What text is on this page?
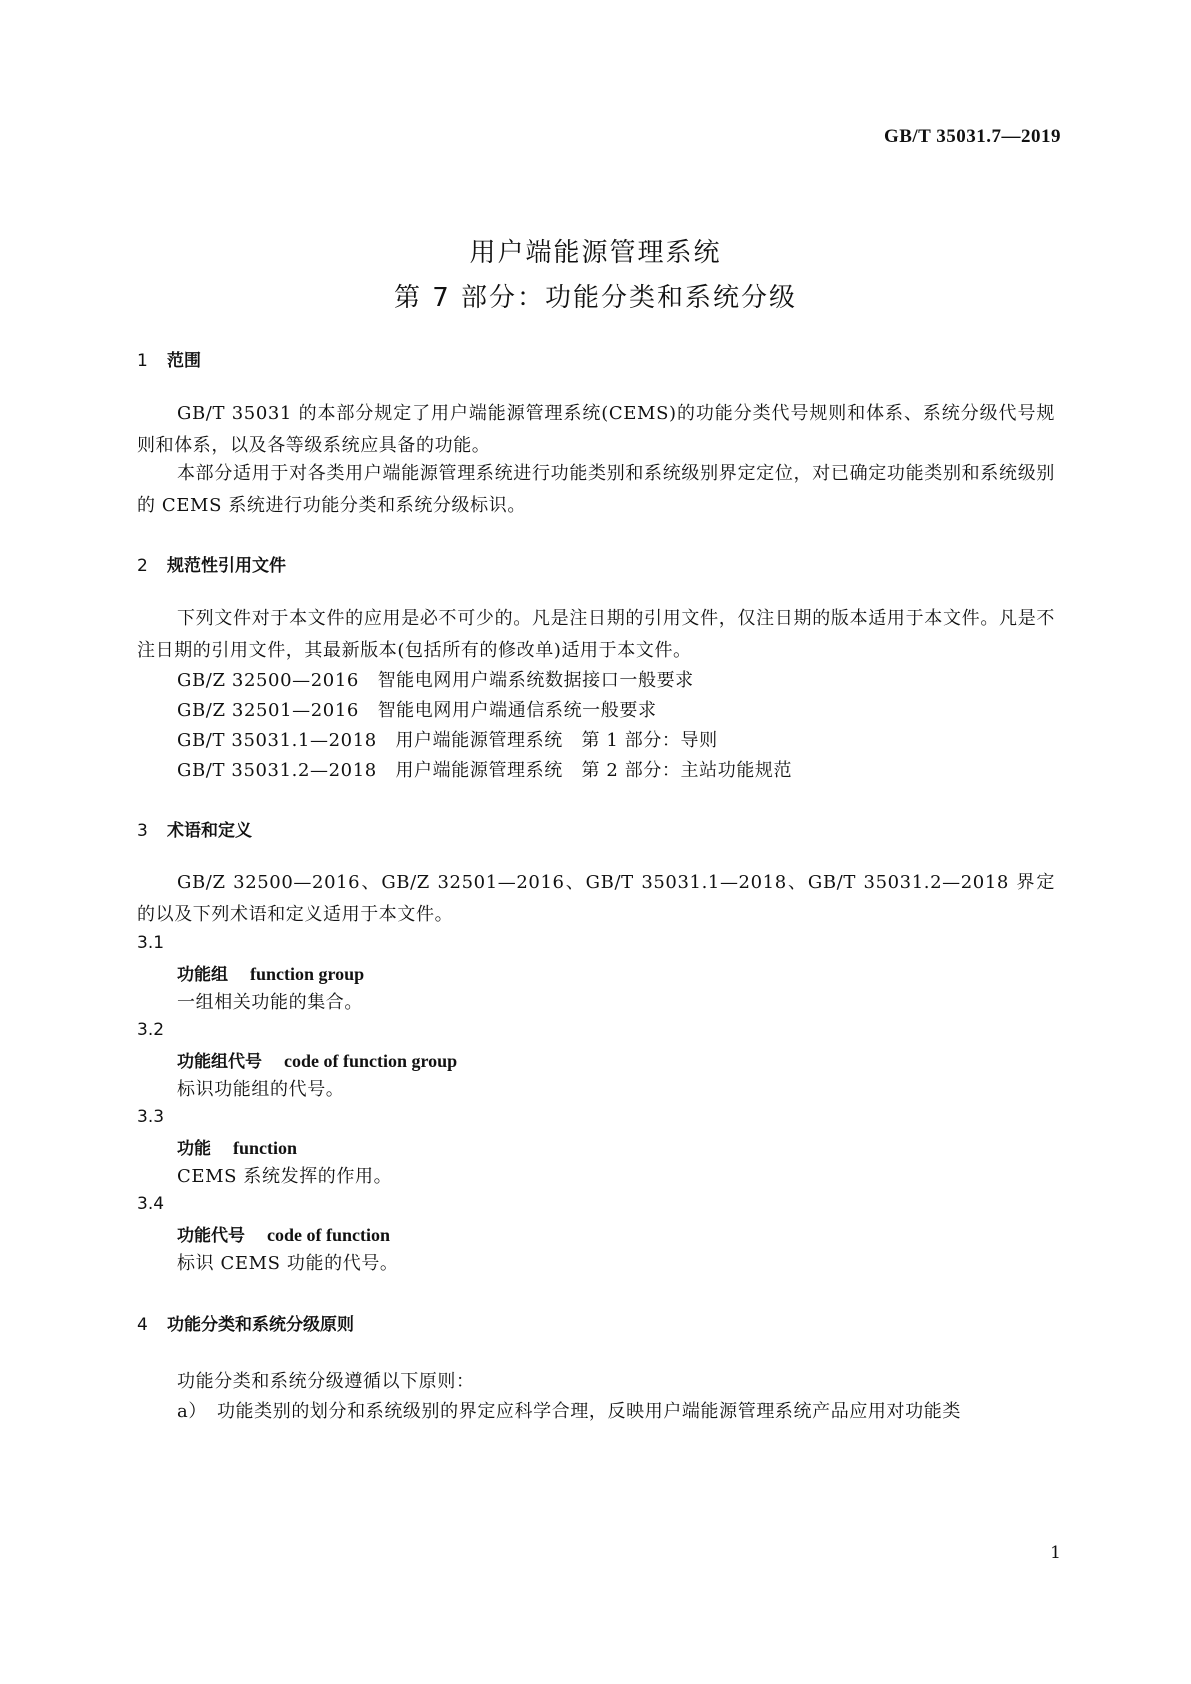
GB/T 35031.7—2019
用户端能源管理系统
第 7 部分：功能分类和系统分级
1 范围
GB/T 35031 的本部分规定了用户端能源管理系统(CEMS)的功能分类代号规则和体系、系统分级代号规则和体系，以及各等级系统应具备的功能。
本部分适用于对各类用户端能源管理系统进行功能类别和系统级别界定定位，对已确定功能类别和系统级别的 CEMS 系统进行功能分类和系统分级标识。
2 规范性引用文件
下列文件对于本文件的应用是必不可少的。凡是注日期的引用文件，仅注日期的版本适用于本文件。凡是不注日期的引用文件，其最新版本(包括所有的修改单)适用于本文件。
GB/Z 32500—2016　智能电网用户端系统数据接口一般要求
GB/Z 32501—2016　智能电网用户端通信系统一般要求
GB/T 35031.1—2018　用户端能源管理系统　第 1 部分：导则
GB/T 35031.2—2018　用户端能源管理系统　第 2 部分：主站功能规范
3 术语和定义
GB/Z 32500—2016、GB/Z 32501—2016、GB/T 35031.1—2018、GB/T 35031.2—2018 界定的以及下列术语和定义适用于本文件。
3.1
功能组 function group
一组相关功能的集合。
3.2
功能组代号 code of function group
标识功能组的代号。
3.3
功能 function
CEMS 系统发挥的作用。
3.4
功能代号 code of function
标识 CEMS 功能的代号。
4 功能分类和系统分级原则
功能分类和系统分级遵循以下原则：
a） 功能类别的划分和系统级别的界定应科学合理，反映用户端能源管理系统产品应用对功能类
1
